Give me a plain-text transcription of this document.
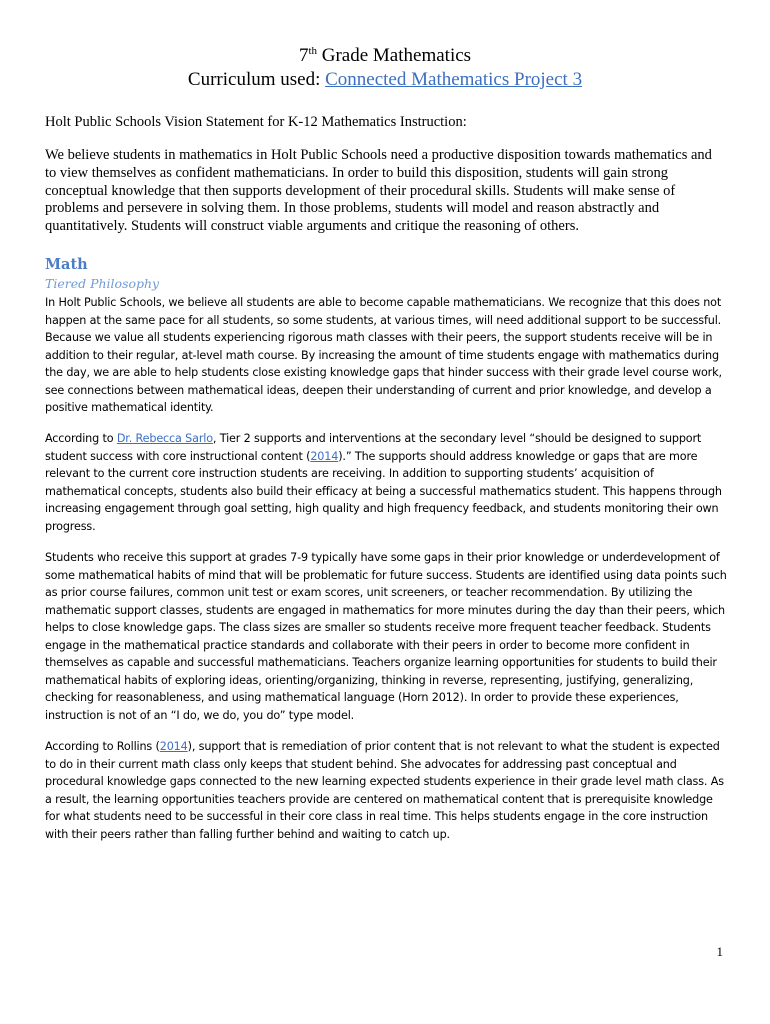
7th Grade Mathematics
Curriculum used: Connected Mathematics Project 3
Holt Public Schools Vision Statement for K-12 Mathematics Instruction:
We believe students in mathematics in Holt Public Schools need a productive disposition towards mathematics and to view themselves as confident mathematicians. In order to build this disposition, students will gain strong conceptual knowledge that then supports development of their procedural skills. Students will make sense of problems and persevere in solving them. In those problems, students will model and reason abstractly and quantitatively. Students will construct viable arguments and critique the reasoning of others.
Math
Tiered Philosophy
In Holt Public Schools, we believe all students are able to become capable mathematicians. We recognize that this does not happen at the same pace for all students, so some students, at various times, will need additional support to be successful. Because we value all students experiencing rigorous math classes with their peers, the support students receive will be in addition to their regular, at-level math course. By increasing the amount of time students engage with mathematics during the day, we are able to help students close existing knowledge gaps that hinder success with their grade level course work, see connections between mathematical ideas, deepen their understanding of current and prior knowledge, and develop a positive mathematical identity.
According to Dr. Rebecca Sarlo, Tier 2 supports and interventions at the secondary level “should be designed to support student success with core instructional content (2014).” The supports should address knowledge or gaps that are more relevant to the current core instruction students are receiving. In addition to supporting students’ acquisition of mathematical concepts, students also build their efficacy at being a successful mathematics student. This happens through increasing engagement through goal setting, high quality and high frequency feedback, and students monitoring their own progress.
Students who receive this support at grades 7-9 typically have some gaps in their prior knowledge or underdevelopment of some mathematical habits of mind that will be problematic for future success. Students are identified using data points such as prior course failures, common unit test or exam scores, unit screeners, or teacher recommendation. By utilizing the mathematic support classes, students are engaged in mathematics for more minutes during the day than their peers, which helps to close knowledge gaps. The class sizes are smaller so students receive more frequent teacher feedback. Students engage in the mathematical practice standards and collaborate with their peers in order to become more confident in themselves as capable and successful mathematicians. Teachers organize learning opportunities for students to build their mathematical habits of exploring ideas, orienting/organizing, thinking in reverse, representing, justifying, generalizing, checking for reasonableness, and using mathematical language (Horn 2012). In order to provide these experiences, instruction is not of an “I do, we do, you do” type model.
According to Rollins (2014), support that is remediation of prior content that is not relevant to what the student is expected to do in their current math class only keeps that student behind. She advocates for addressing past conceptual and procedural knowledge gaps connected to the new learning expected students experience in their grade level math class. As a result, the learning opportunities teachers provide are centered on mathematical content that is prerequisite knowledge for what students need to be successful in their core class in real time. This helps students engage in the core instruction with their peers rather than falling further behind and waiting to catch up.
1
